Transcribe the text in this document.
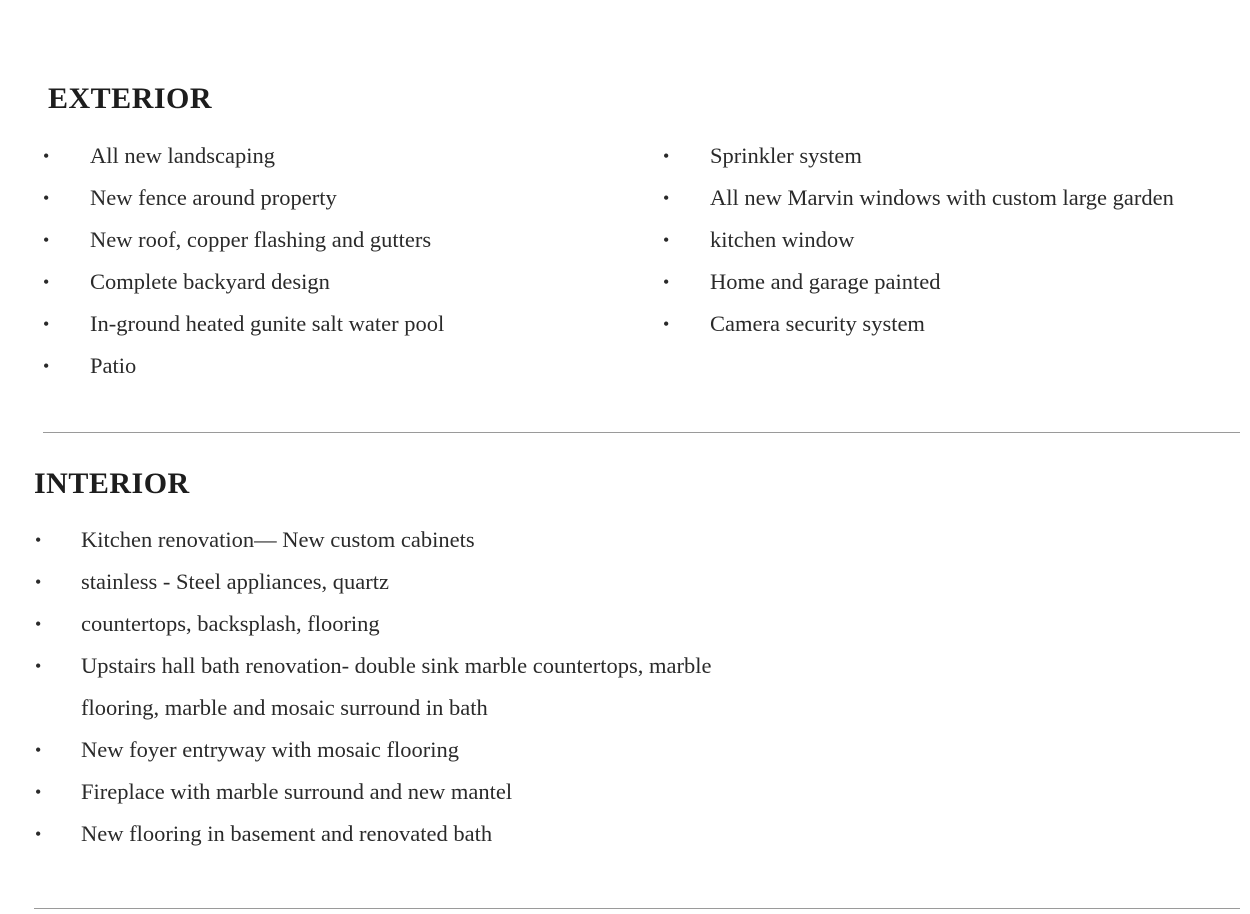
EXTERIOR
• All new landscaping
• New fence around property
• New roof, copper flashing and gutters
• Complete backyard design
• In-ground heated gunite salt water pool
• Patio
• Sprinkler system
• All new Marvin windows with custom large garden
• kitchen window
• Home and garage painted
• Camera security system
INTERIOR
• Kitchen renovation— New custom cabinets
• stainless - Steel appliances, quartz
• countertops, backsplash, flooring
• Upstairs hall bath renovation- double sink marble countertops, marble flooring, marble and mosaic surround in bath
• New foyer entryway with mosaic flooring
• Fireplace with marble surround and new mantel
• New flooring in basement and renovated bath
